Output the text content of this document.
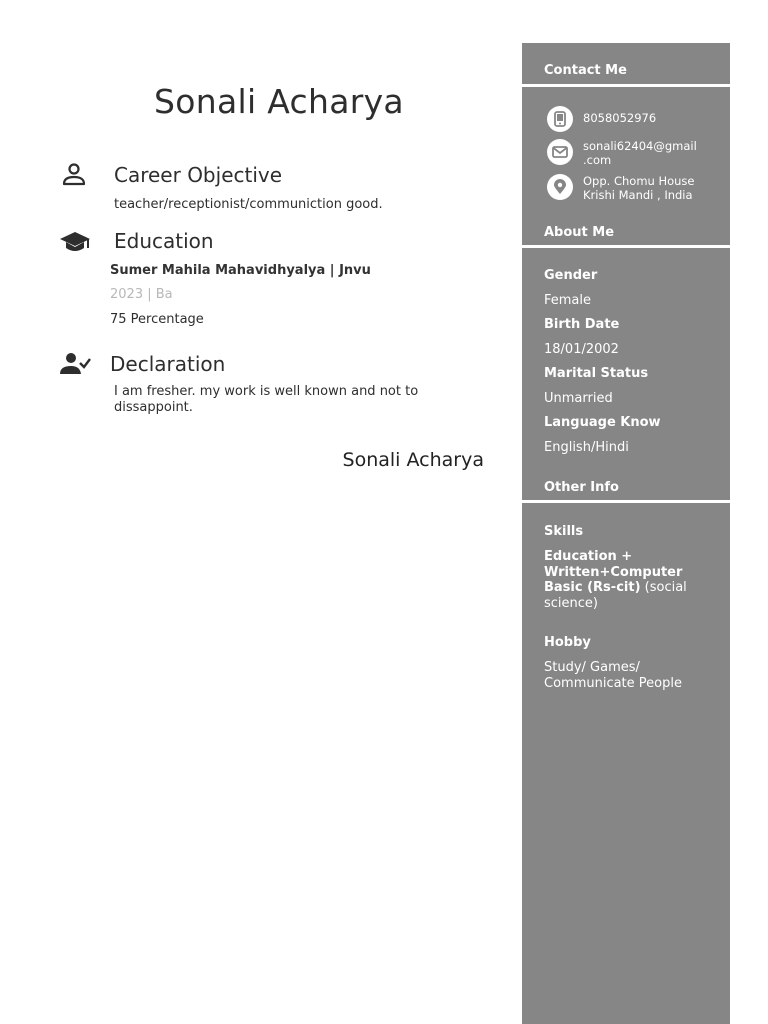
Sonali Acharya
Career Objective
teacher/receptionist/communiction good.
Education
Sumer Mahila Mahavidhyalya | Jnvu
2023 | Ba
75 Percentage
Declaration
I am fresher. my work is well known and not to dissappoint.
Sonali Acharya
Contact Me
8058052976
sonali62404@gmail
.com
Opp. Chomu House
Krishi Mandi , India
About Me
Gender
Female
Birth Date
18/01/2002
Marital Status
Unmarried
Language Know
English/Hindi
Other Info
Skills
Education +
Written+Computer
Basic (Rs-cit) (social
science)
Hobby
Study/ Games/
Communicate People
